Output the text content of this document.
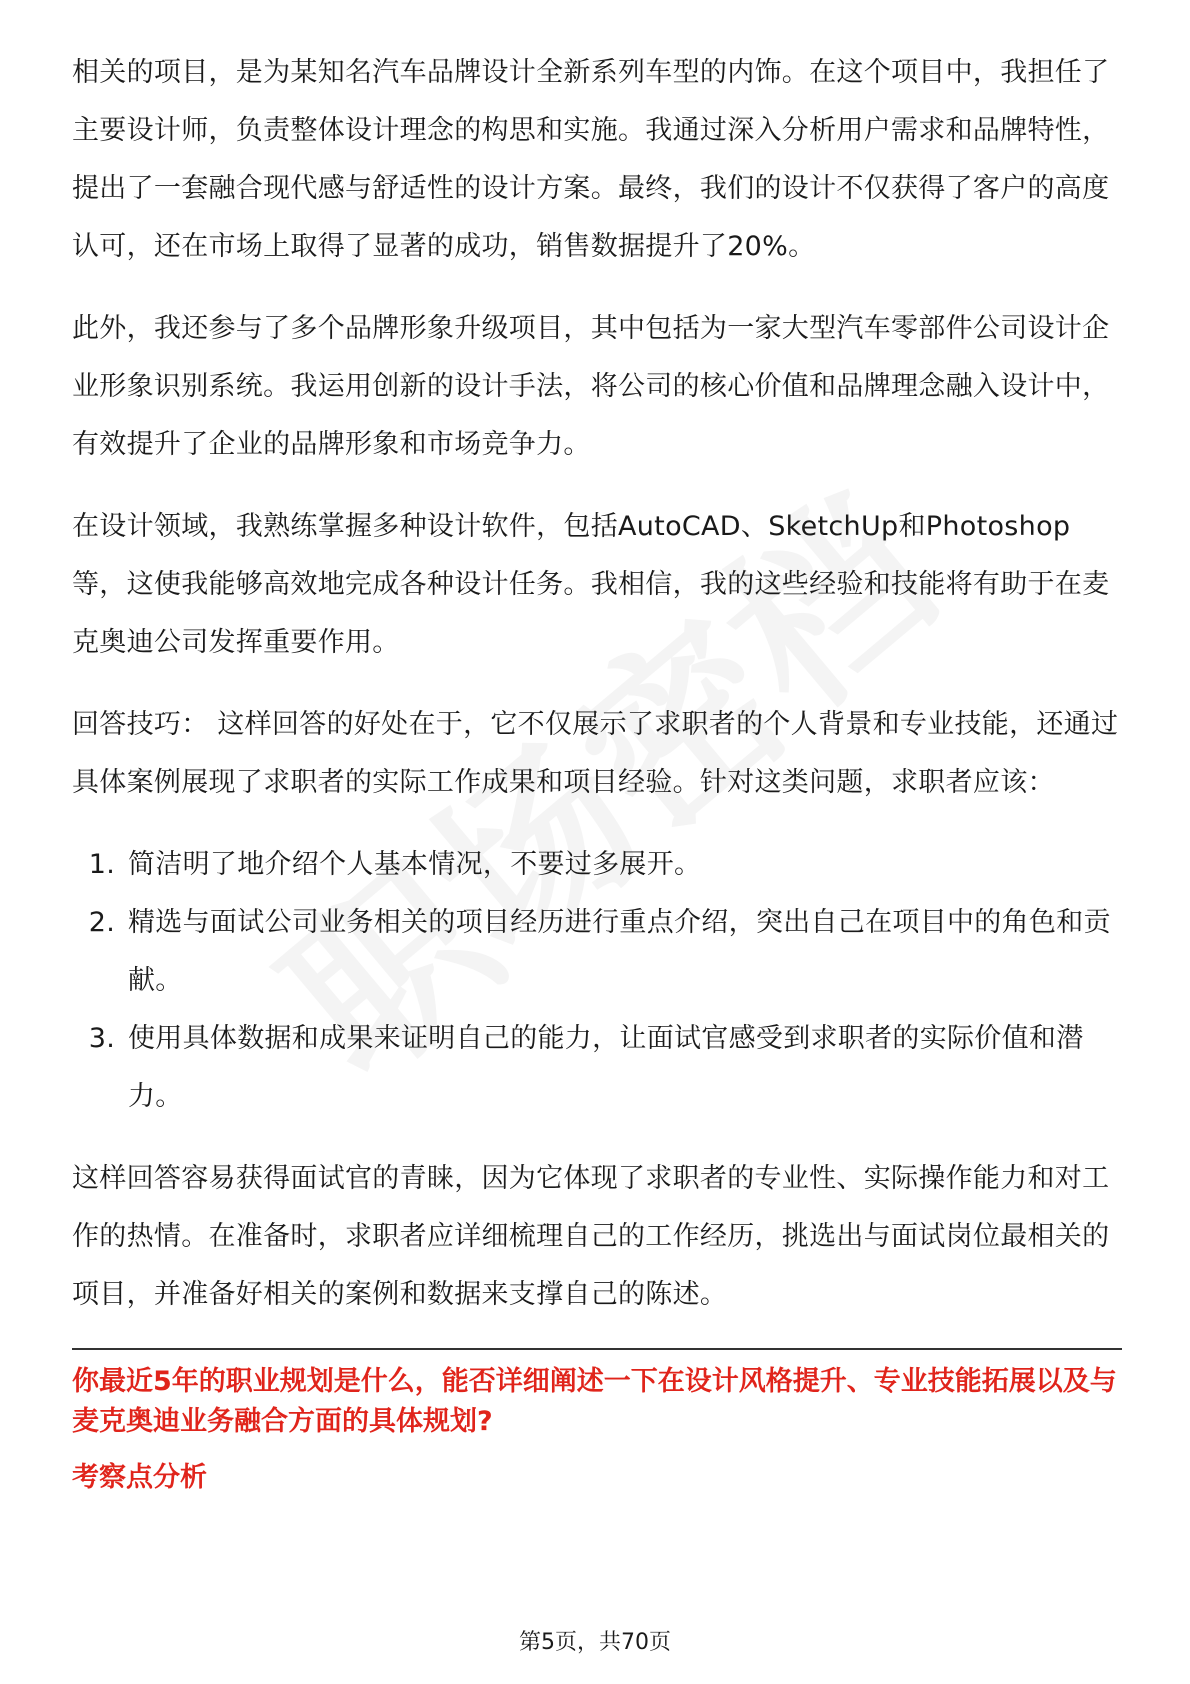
相关的项目，是为某知名汽车品牌设计全新系列车型的内饰。在这个项目中，我担任了主要设计师，负责整体设计理念的构思和实施。我通过深入分析用户需求和品牌特性，提出了一套融合现代感与舒适性的设计方案。最终，我们的设计不仅获得了客户的高度认可，还在市场上取得了显著的成功，销售数据提升了20%。

此外，我还参与了多个品牌形象升级项目，其中包括为一家大型汽车零部件公司设计企业形象识别系统。我运用创新的设计手法，将公司的核心价值和品牌理念融入设计中，有效提升了企业的品牌形象和市场竞争力。

在设计领域，我熟练掌握多种设计软件，包括AutoCAD、SketchUp和Photoshop等，这使我能够高效地完成各种设计任务。我相信，我的这些经验和技能将有助于在麦克奥迪公司发挥重要作用。

回答技巧： 这样回答的好处在于，它不仅展示了求职者的个人背景和专业技能，还通过具体案例展现了求职者的实际工作成果和项目经验。针对这类问题，求职者应该：

1. 简洁明了地介绍个人基本情况，不要过多展开。
2. 精选与面试公司业务相关的项目经历进行重点介绍，突出自己在项目中的角色和贡献。
3. 使用具体数据和成果来证明自己的能力，让面试官感受到求职者的实际价值和潜力。

这样回答容易获得面试官的青睐，因为它体现了求职者的专业性、实际操作能力和对工作的热情。在准备时，求职者应详细梳理自己的工作经历，挑选出与面试岗位最相关的项目，并准备好相关的案例和数据来支撑自己的陈述。

你最近5年的职业规划是什么，能否详细阐述一下在设计风格提升、专业技能拓展以及与麦克奥迪业务融合方面的具体规划?

考察点分析

第5页，共70页
